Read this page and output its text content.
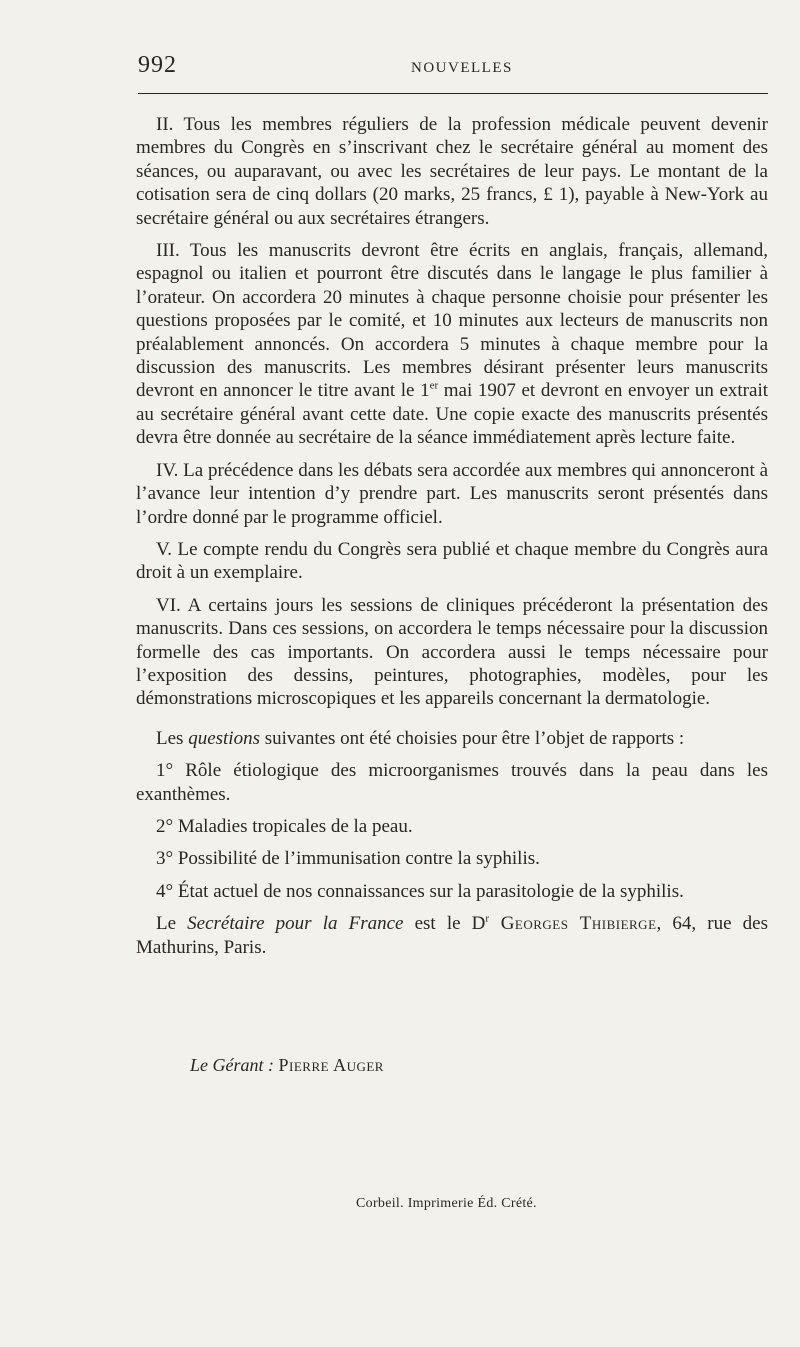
992	NOUVELLES

II. Tous les membres réguliers de la profession médicale peuvent devenir membres du Congrès en s’inscrivant chez le secrétaire général au moment des séances, ou auparavant, ou avec les secrétaires de leur pays. Le montant de la cotisation sera de cinq dollars (20 marks, 25 francs, £ 1), payable à New-York au secrétaire général ou aux secrétaires étrangers.

III. Tous les manuscrits devront être écrits en anglais, français, allemand, espagnol ou italien et pourront être discutés dans le langage le plus familier à l’orateur. On accordera 20 minutes à chaque personne choisie pour présenter les questions proposées par le comité, et 10 minutes aux lecteurs de manuscrits non préalablement annoncés. On accordera 5 minutes à chaque membre pour la discussion des manuscrits. Les membres désirant présenter leurs manuscrits devront en annoncer le titre avant le 1er mai 1907 et devront en envoyer un extrait au secrétaire général avant cette date. Une copie exacte des manuscrits présentés devra être donnée au secrétaire de la séance immédiatement après lecture faite.

IV. La précédence dans les débats sera accordée aux membres qui annonceront à l’avance leur intention d’y prendre part. Les manuscrits seront présentés dans l’ordre donné par le programme officiel.

V. Le compte rendu du Congrès sera publié et chaque membre du Congrès aura droit à un exemplaire.

VI. A certains jours les sessions de cliniques précéderont la présentation des manuscrits. Dans ces sessions, on accordera le temps nécessaire pour la discussion formelle des cas importants. On accordera aussi le temps nécessaire pour l’exposition des dessins, peintures, photographies, modèles, pour les démonstrations microscopiques et les appareils concernant la dermatologie.

Les questions suivantes ont été choisies pour être l’objet de rapports :

1° Rôle étiologique des microorganismes trouvés dans la peau dans les exanthèmes.

2° Maladies tropicales de la peau.

3° Possibilité de l’immunisation contre la syphilis.

4° État actuel de nos connaissances sur la parasitologie de la syphilis.

Le Secrétaire pour la France est le $D^r$ Georges Thibierge, 64, rue des Mathurins, Paris.

Le Gérant : Pierre Auger
Corbeil. Imprimerie Éd. Crété.
